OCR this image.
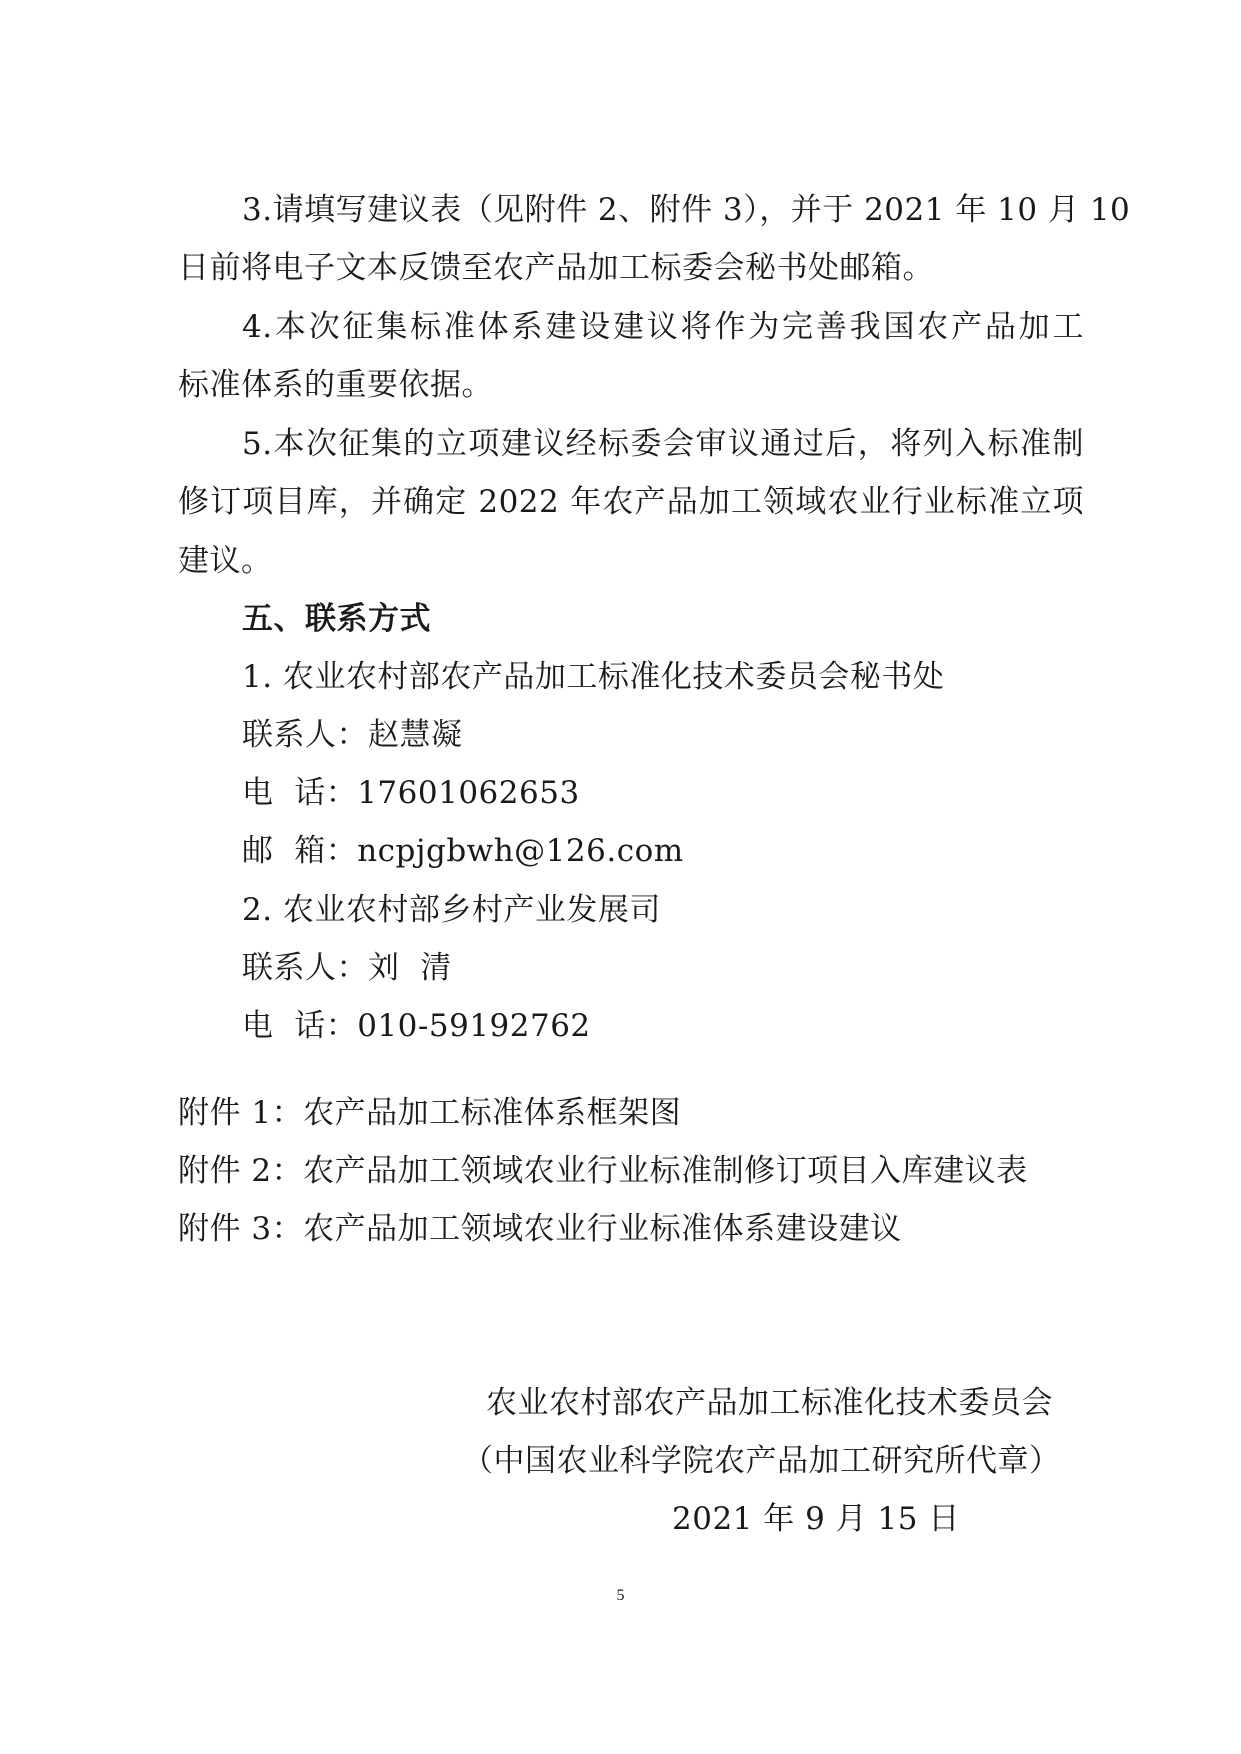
3.请填写建议表（见附件 2、附件 3），并于 2021 年 10 月 10
日前将电子文本反馈至农产品加工标委会秘书处邮箱。
4.本次征集标准体系建设建议将作为完善我国农产品加工
标准体系的重要依据。
5.本次征集的立项建议经标委会审议通过后，将列入标准制
修订项目库，并确定 2022 年农产品加工领域农业行业标准立项
建议。
五、联系方式
1. 农业农村部农产品加工标准化技术委员会秘书处
联系人：赵慧凝
电  话：17601062653
邮  箱：ncpjgbwh@126.com
2. 农业农村部乡村产业发展司
联系人：刘  清
电  话：010-59192762
附件 1：农产品加工标准体系框架图
附件 2：农产品加工领域农业行业标准制修订项目入库建议表
附件 3：农产品加工领域农业行业标准体系建设建议
农业农村部农产品加工标准化技术委员会
（中国农业科学院农产品加工研究所代章）
2021 年 9 月 15 日
5
